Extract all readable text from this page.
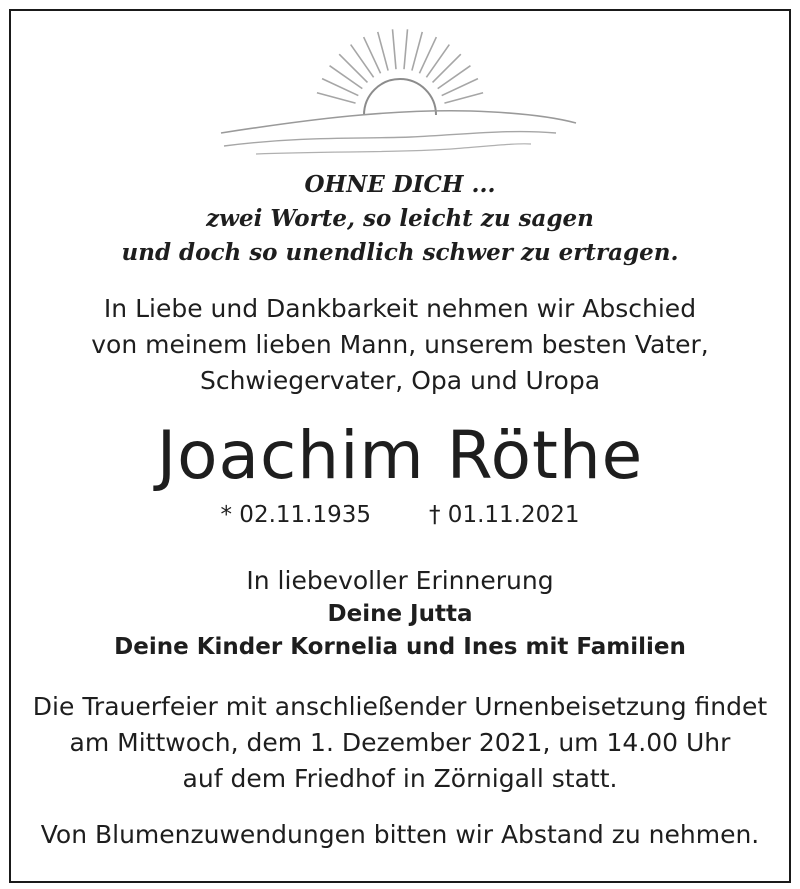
OHNE DICH ...
zwei Worte, so leicht zu sagen
und doch so unendlich schwer zu ertragen.
In Liebe und Dankbarkeit nehmen wir Abschied
von meinem lieben Mann, unserem besten Vater,
Schwiegervater, Opa und Uropa
Joachim Röthe
* 02.11.1935	† 01.11.2021
In liebevoller Erinnerung
Deine Jutta
Deine Kinder Kornelia und Ines mit Familien
Die Trauerfeier mit anschließender Urnenbeisetzung findet
am Mittwoch, dem 1. Dezember 2021, um 14.00 Uhr
auf dem Friedhof in Zörnigall statt.
Von Blumenzuwendungen bitten wir Abstand zu nehmen.
